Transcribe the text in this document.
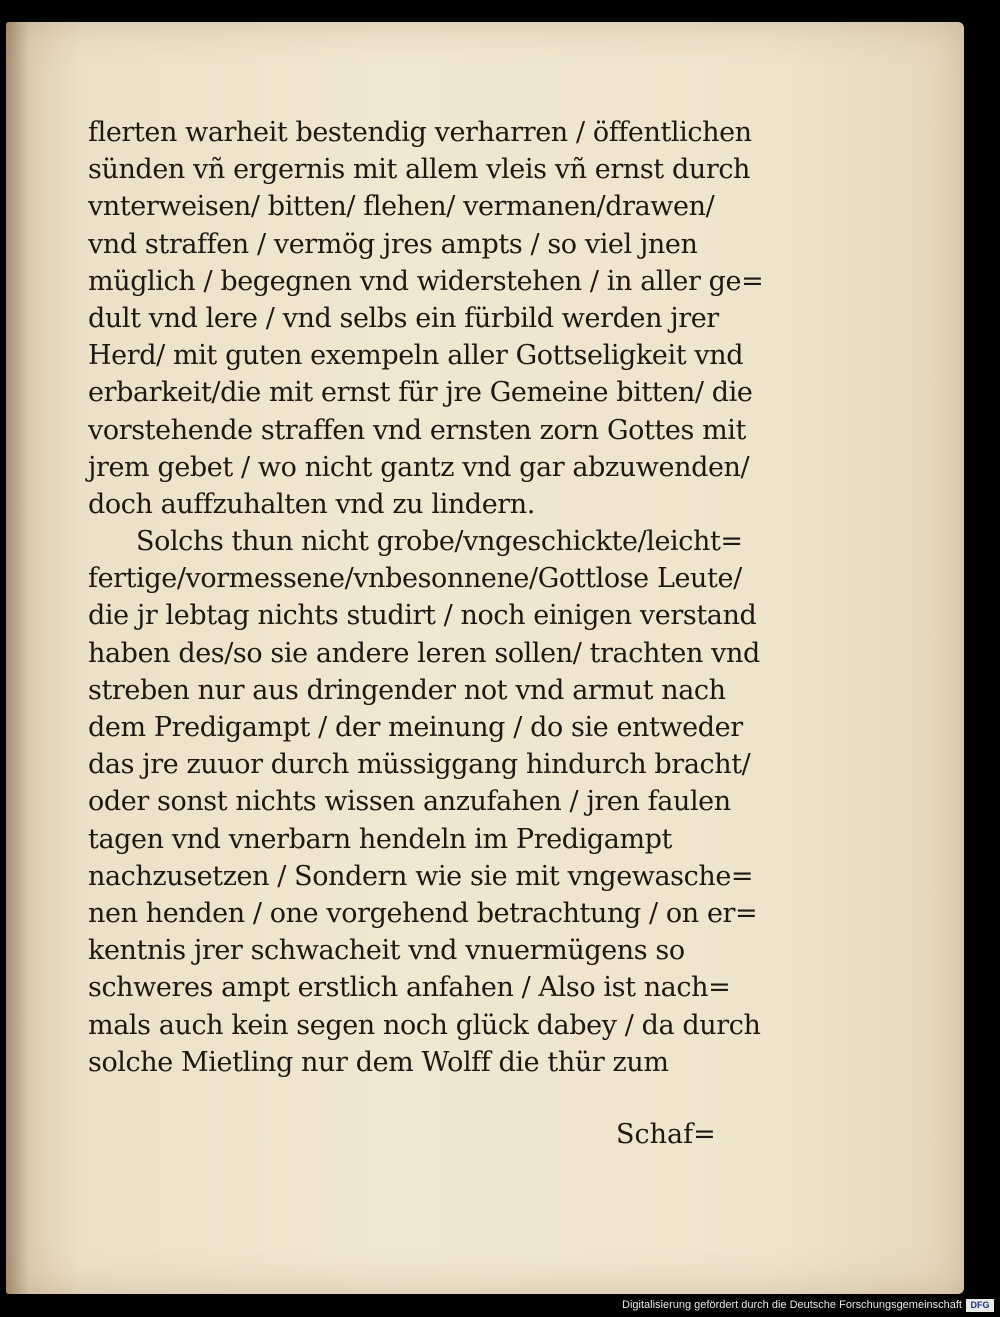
flerten warheit bestendig verharren / öffentlichen
sünden vñ ergernis mit allem vleis vñ ernst durch
vnterweisen/ bitten/ flehen/ vermanen/drawen/
vnd straffen / vermög jres ampts / so viel jnen
müglich / begegnen vnd widerstehen / in aller ge=
dult vnd lere / vnd selbs ein fürbild werden jrer
Herd/ mit guten exempeln aller Gottseligkeit vnd
erbarkeit/die mit ernst für jre Gemeine bitten/ die
vorstehende straffen vnd ernsten zorn Gottes mit
jrem gebet / wo nicht gantz vnd gar abzuwenden/
doch auffzuhalten vnd zu lindern.
Solchs thun nicht grobe/vngeschickte/leicht=
fertige/vormessene/vnbesonnene/Gottlose Leute/
die jr lebtag nichts studirt / noch einigen verstand
haben des/so sie andere leren sollen/ trachten vnd
streben nur aus dringender not vnd armut nach
dem Predigampt / der meinung / do sie entweder
das jre zuuor durch müssiggang hindurch bracht/
oder sonst nichts wissen anzufahen / jren faulen
tagen vnd vnerbarn hendeln im Predigampt
nachzusetzen / Sondern wie sie mit vngewasche=
nen henden / one vorgehend betrachtung / on er=
kentnis jrer schwacheit vnd vnuermügens so
schweres ampt erstlich anfahen / Also ist nach=
mals auch kein segen noch glück dabey / da durch
solche Mietling nur dem Wolff die thür zum
Schaf=
Digitalisierung gefördert durch die Deutsche Forschungsgemeinschaft DFG
